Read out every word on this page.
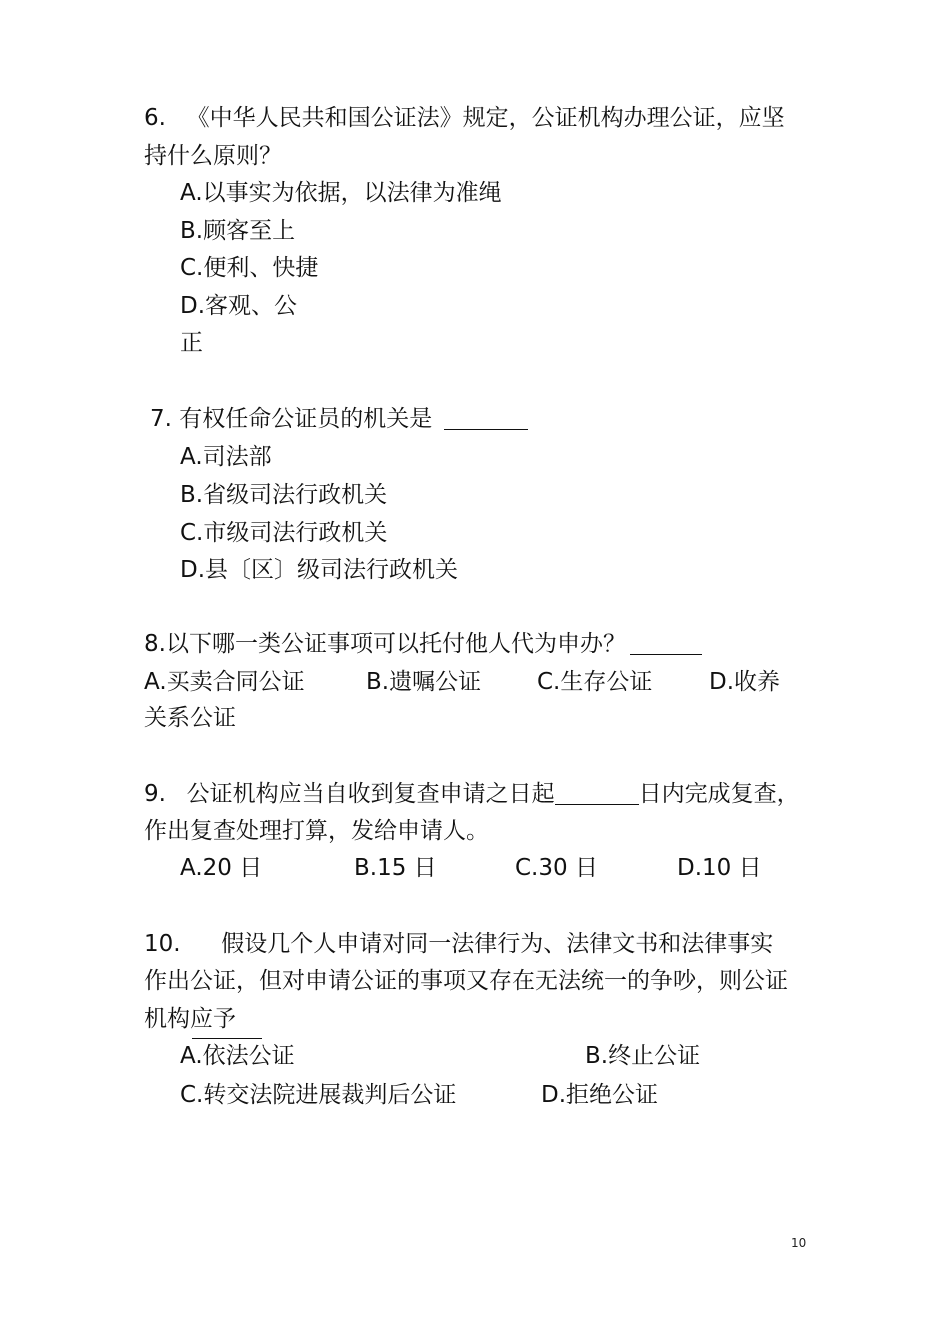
6. 《中华人民共和国公证法》规定，公证机构办理公证，应坚
持什么原则？
A.以事实为依据，以法律为准绳
B.顾客至上
C.便利、快捷
D.客观、公
正
7. 有权任命公证员的机关是
A.司法部
B.省级司法行政机关
C.市级司法行政机关
D.县〔区〕级司法行政机关
8.以下哪一类公证事项可以托付他人代为申办？
A.买卖合同公证	B.遗嘱公证 C.生存公证 D.收养
关系公证
9. 公证机构应当自收到复查申请之日起	日内完成复查，
作出复查处理打算，发给申请人。
A.20 日	B.15 日	C.30 日	D.10 日
10. 假设几个人申请对同一法律行为、法律文书和法律事实
作出公证，但对申请公证的事项又存在无法统一的争吵，则公证
机构应予
A.依法公证	B.终止公证
C.转交法院进展裁判后公证	D.拒绝公证
10
